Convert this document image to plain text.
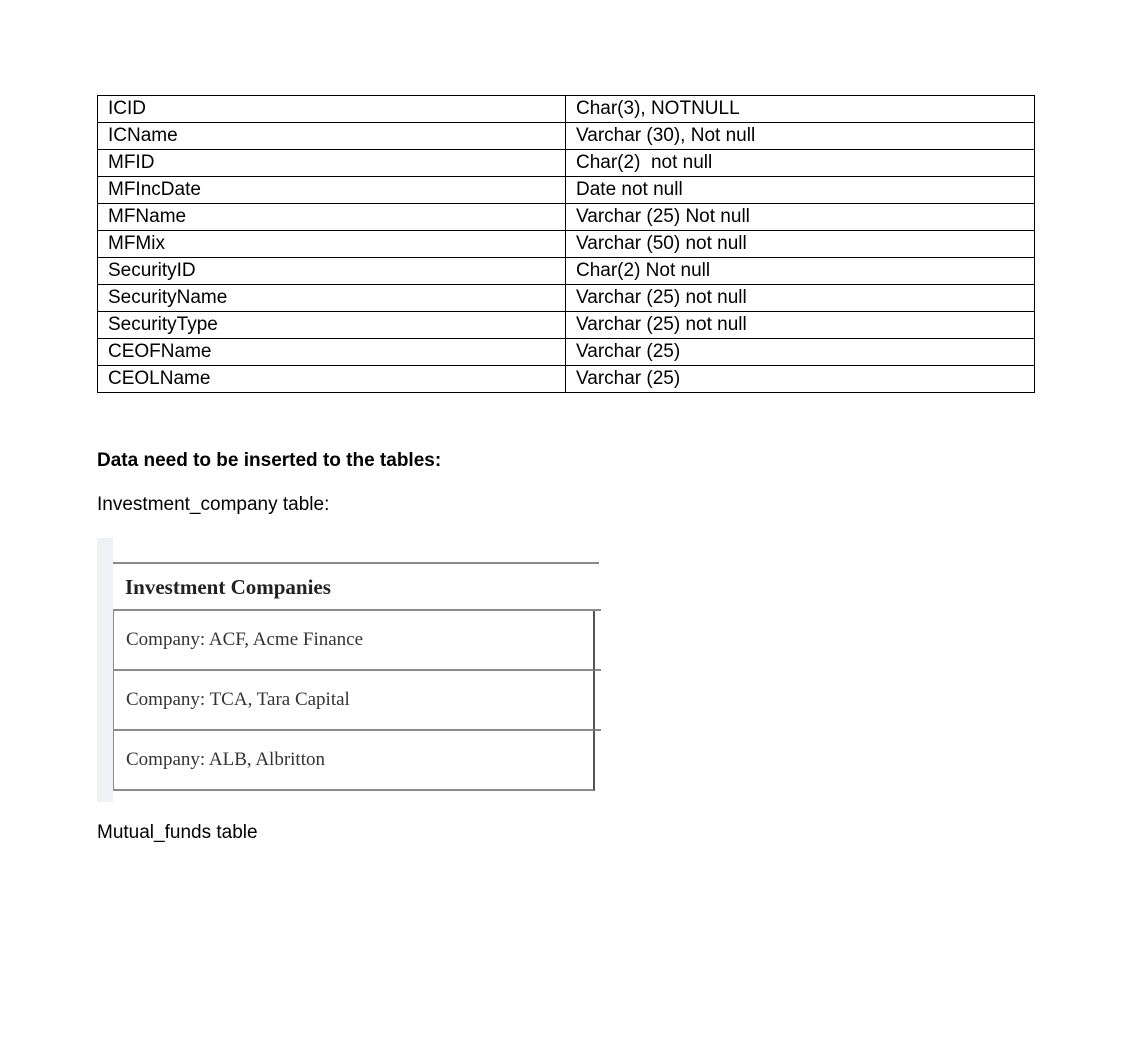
ICID	Char(3), NOTNULL
ICName	Varchar (30), Not null
MFID	Char(2)  not null
MFIncDate	Date not null
MFName	Varchar (25) Not null
MFMix	Varchar (50) not null
SecurityID	Char(2) Not null
SecurityName	Varchar (25) not null
SecurityType	Varchar (25) not null
CEOFName	Varchar (25)
CEOLName	Varchar (25)
Data need to be inserted to the tables:
Investment_company table:
Investment Companies
Company: ACF, Acme Finance
Company: TCA, Tara Capital
Company: ALB, Albritton
Mutual_funds table
